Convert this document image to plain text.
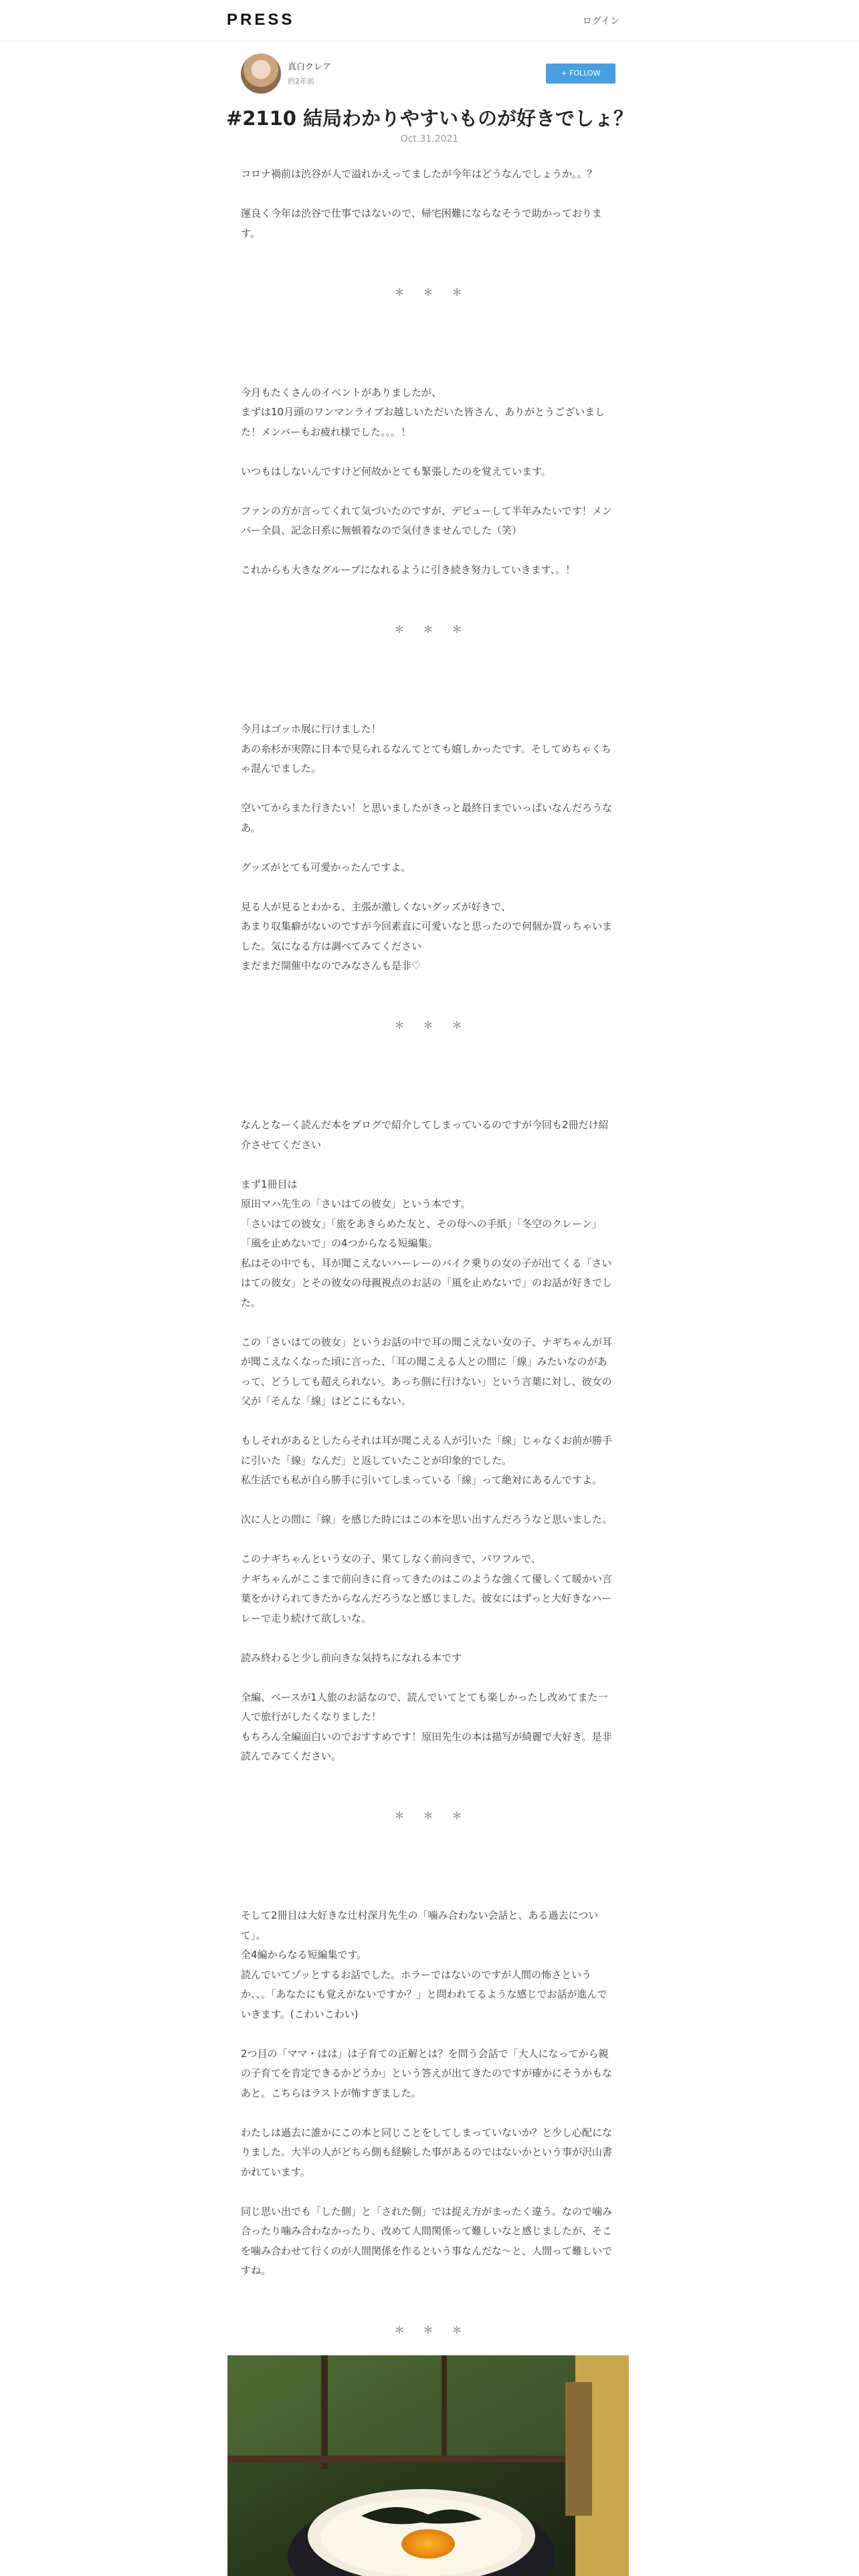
PRESS	ログイン
真白クレア
約2年前
+ FOLLOW
#2110 結局わかりやすいものが好きでしょ？
Oct.31.2021

コロナ禍前は渋谷が人で溢れかえってましたが今年はどうなんでしょうか。。？

運良く今年は渋谷で仕事ではないので、帰宅困難にならなそうで助かっております。

＊＊＊

今月もたくさんのイベントがありましたが、
まずは10月頭のワンマンライブお越しいただいた皆さん、ありがとうございました！メンバーもお疲れ様でした。。。！

いつもはしないんですけど何故かとても緊張したのを覚えています。

ファンの方が言ってくれて気づいたのですが、デビューして半年みたいです！メンバー全員、記念日系に無頓着なので気付きませんでした（笑）

これからも大きなグループになれるように引き続き努力していきます、。！

＊＊＊

今月はゴッホ展に行けました！
あの糸杉が実際に日本で見られるなんてとても嬉しかったです。そしてめちゃくちゃ混んでました。

空いてからまた行きたい！と思いましたがきっと最終日までいっぱいなんだろうなあ。

グッズがとても可愛かったんですよ。

見る人が見るとわかる、主張が激しくないグッズが好きで、
あまり収集癖がないのですが今回素直に可愛いなと思ったので何個か買っちゃいました。気になる方は調べてみてください
まだまだ開催中なのでみなさんも是非♡

＊＊＊

なんとなーく読んだ本をブログで紹介してしまっているのですが今回も2冊だけ紹介させてください

まず1冊目は
原田マハ先生の「さいはての彼女」という本です。
「さいはての彼女」「旅をあきらめた友と、その母への手紙」「冬空のクレーン」「風を止めないで」の4つからなる短編集。
私はその中でも、耳が聞こえないハーレーのバイク乗りの女の子が出てくる「さいはての彼女」とその彼女の母親視点のお話の「風を止めないで」のお話が好きでした。

この「さいはての彼女」というお話の中で耳の聞こえない女の子、ナギちゃんが耳が聞こえなくなった頃に言った、「耳の聞こえる人との間に「線」みたいなのがあって、どうしても超えられない。あっち側に行けない」という言葉に対し、彼女の父が「そんな「線」はどこにもない。

もしそれがあるとしたらそれは耳が聞こえる人が引いた「線」じゃなくお前が勝手に引いた「線」なんだ」と返していたことが印象的でした。
私生活でも私が自ら勝手に引いてしまっている「線」って絶対にあるんですよ。

次に人との間に「線」を感じた時にはこの本を思い出すんだろうなと思いました。

このナギちゃんという女の子、果てしなく前向きで、パワフルで、
ナギちゃんがここまで前向きに育ってきたのはこのような強くて優しくて暖かい言葉をかけられてきたからなんだろうなと感じました。彼女にはずっと大好きなハーレーで走り続けて欲しいな。

読み終わると少し前向きな気持ちになれる本です

全編、ベースが1人旅のお話なので、読んでいてとても楽しかったし改めてまた一人で旅行がしたくなりました！
もちろん全編面白いのでおすすめです！原田先生の本は描写が綺麗で大好き。是非読んでみてください。

＊＊＊

そして2冊目は大好きな辻村深月先生の「噛み合わない会話と、ある過去について」。
全4編からなる短編集です。
読んでいてゾッとするお話でした。ホラーではないのですが人間の怖さというか、、。「あなたにも覚えがないですか？」と問われてるような感じでお話が進んでいきます。(こわいこわい)

2つ目の「ママ・はは」は子育ての正解とは？を問う会話で「大人になってから親の子育てを肯定できるかどうか」という答えが出てきたのですが確かにそうかもなあと。こちらはラストが怖すぎました。

わたしは過去に誰かにこの本と同じことをしてしまっていないか？と少し心配になりました。大半の人がどちら側も経験した事があるのではないかという事が沢山書かれています。

同じ思い出でも「した側」と「された側」では捉え方がまったく違う。なので噛み合ったり噛み合わなかったり、改めて人間関係って難しいなと感じましたが、そこを噛み合わせて行くのが人間関係を作るという事なんだな〜と、人間って難しいですね。

＊＊＊
